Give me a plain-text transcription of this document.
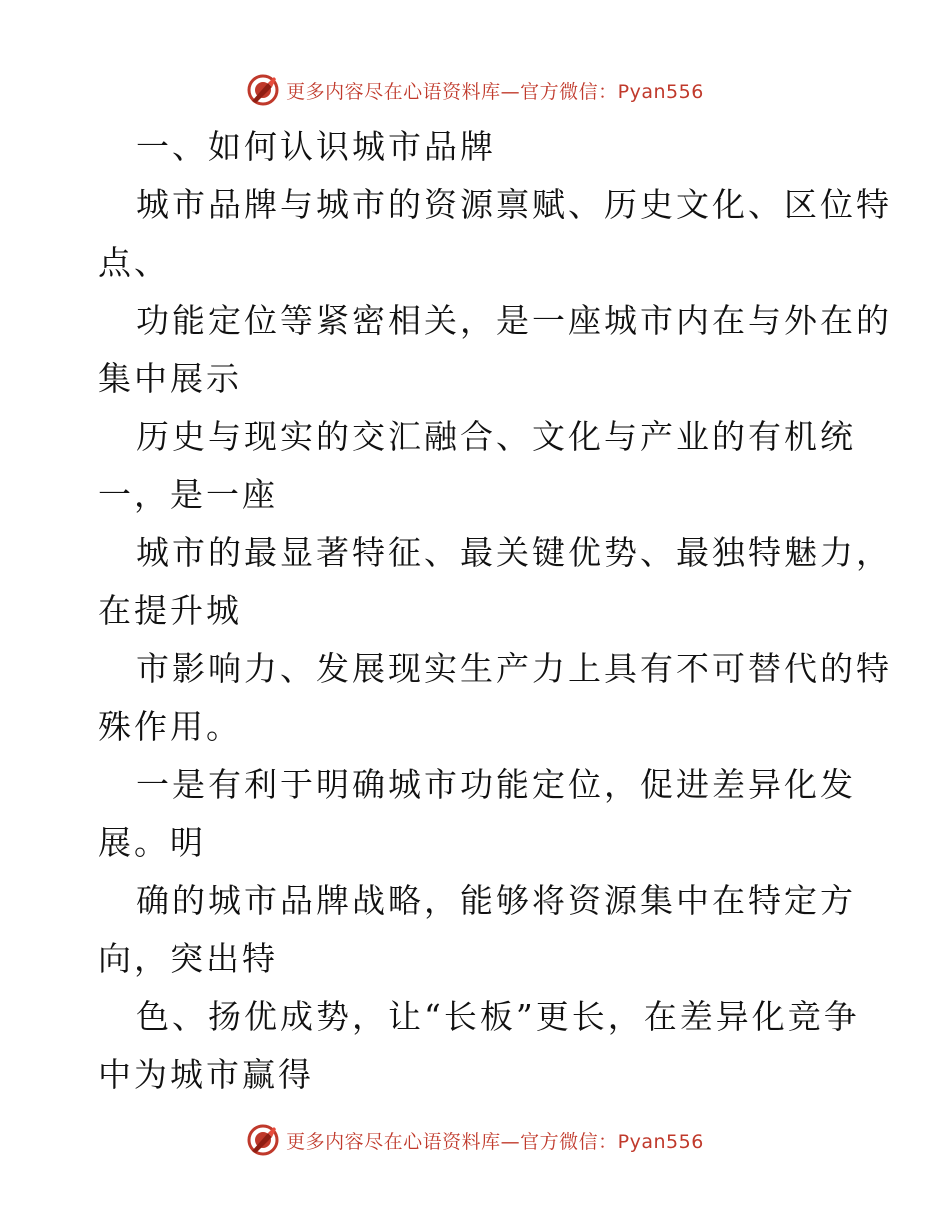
更多内容尽在心语资料库—官方微信：Pyan556
一、如何认识城市品牌
城市品牌与城市的资源禀赋、历史文化、区位特
点、
功能定位等紧密相关，是一座城市内在与外在的
集中展示
历史与现实的交汇融合、文化与产业的有机统
一，是一座
城市的最显著特征、最关键优势、最独特魅力，
在提升城
市影响力、发展现实生产力上具有不可替代的特
殊作用。
一是有利于明确城市功能定位，促进差异化发
展。明
确的城市品牌战略，能够将资源集中在特定方
向，突出特
色、扬优成势，让“长板”更长，在差异化竞争
中为城市赢得
更多内容尽在心语资料库—官方微信：Pyan556
